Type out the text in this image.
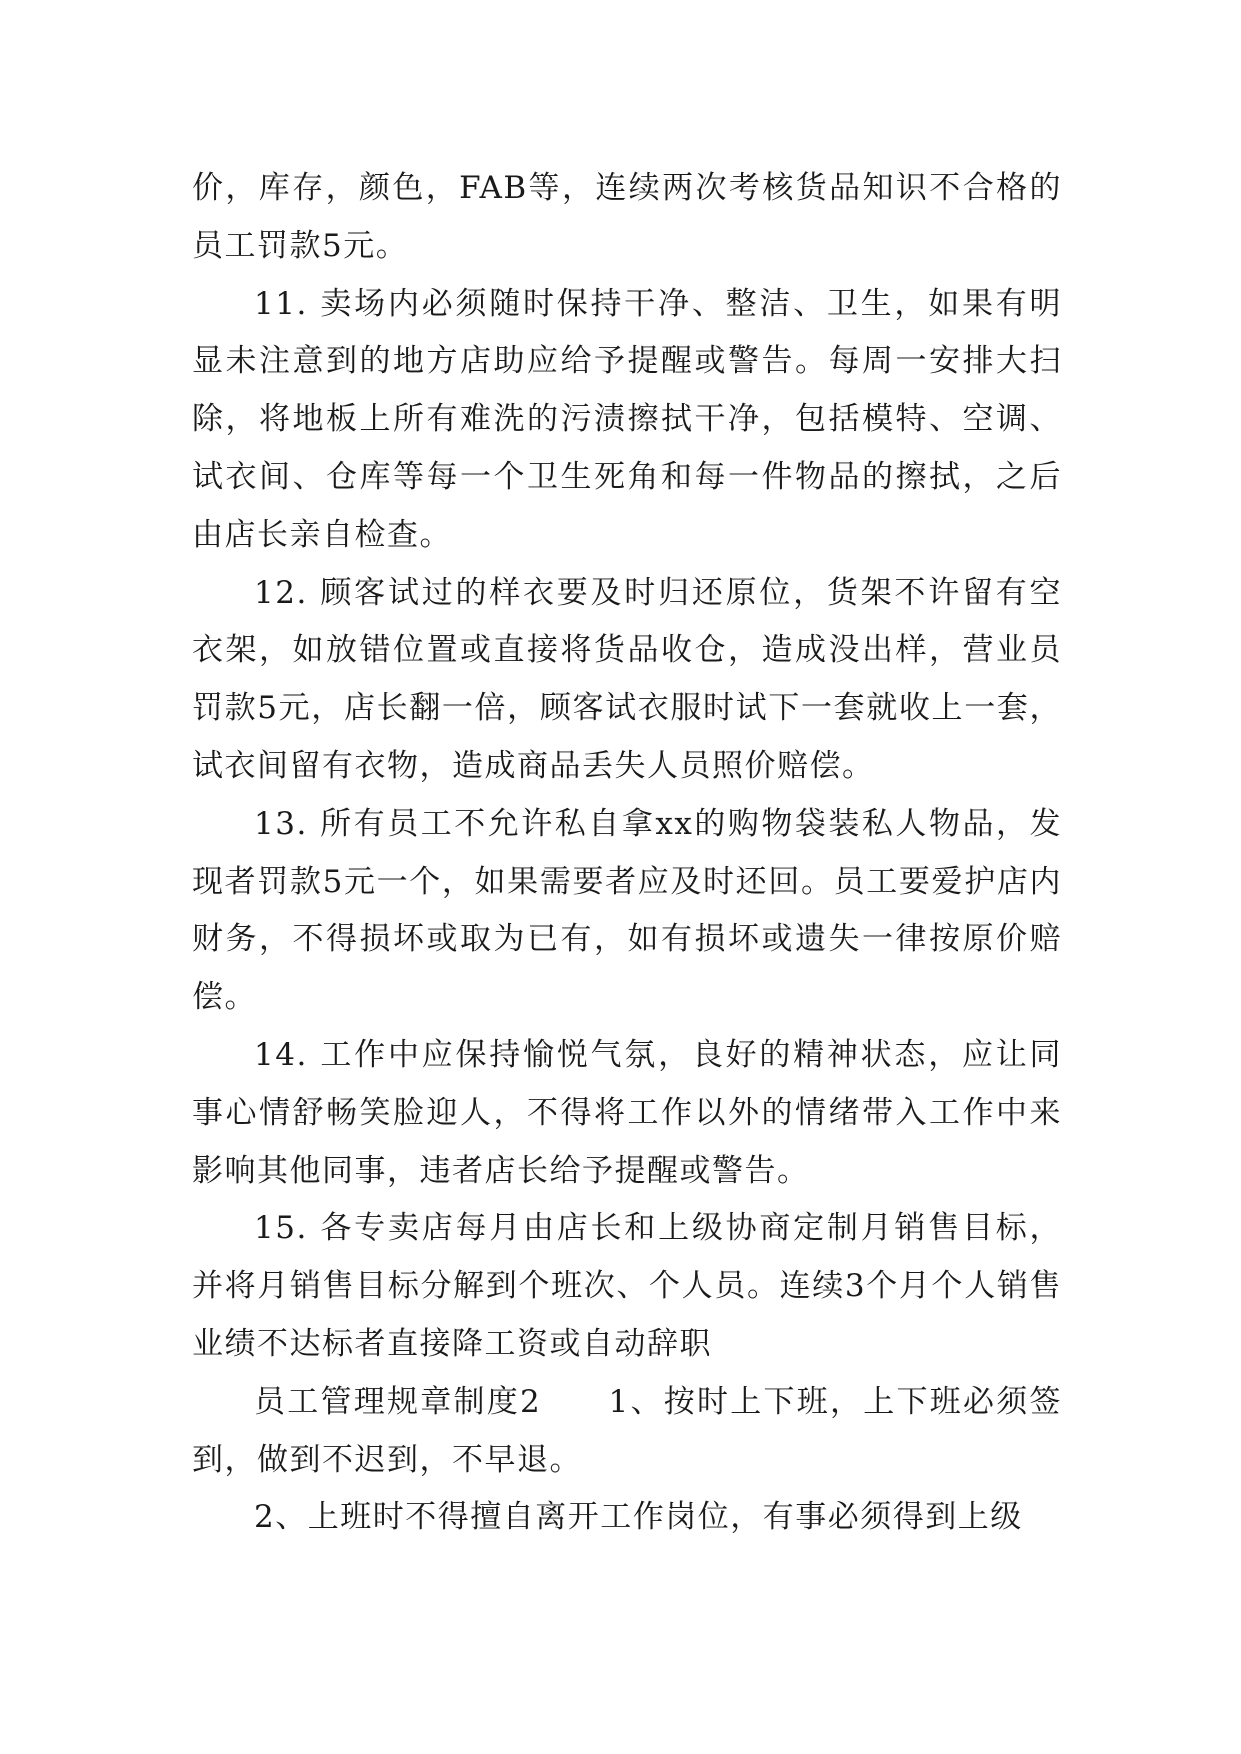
价，库存，颜色，FAB等，连续两次考核货品知识不合格的员工罚款5元。

11. 卖场内必须随时保持干净、整洁、卫生，如果有明显未注意到的地方店助应给予提醒或警告。每周一安排大扫除，将地板上所有难洗的污渍擦拭干净，包括模特、空调、试衣间、仓库等每一个卫生死角和每一件物品的擦拭，之后由店长亲自检查。

12. 顾客试过的样衣要及时归还原位，货架不许留有空衣架，如放错位置或直接将货品收仓，造成没出样，营业员罚款5元，店长翻一倍，顾客试衣服时试下一套就收上一套，试衣间留有衣物，造成商品丢失人员照价赔偿。

13. 所有员工不允许私自拿xx的购物袋装私人物品，发现者罚款5元一个，如果需要者应及时还回。员工要爱护店内财务，不得损坏或取为已有，如有损坏或遗失一律按原价赔偿。

14. 工作中应保持愉悦气氛，良好的精神状态，应让同事心情舒畅笑脸迎人，不得将工作以外的情绪带入工作中来影响其他同事，违者店长给予提醒或警告。

15. 各专卖店每月由店长和上级协商定制月销售目标，并将月销售目标分解到个班次、个人员。连续3个月个人销售业绩不达标者直接降工资或自动辞职

员工管理规章制度2　　1、按时上下班，上下班必须签到，做到不迟到，不早退。

2、上班时不得擅自离开工作岗位，有事必须得到上级
